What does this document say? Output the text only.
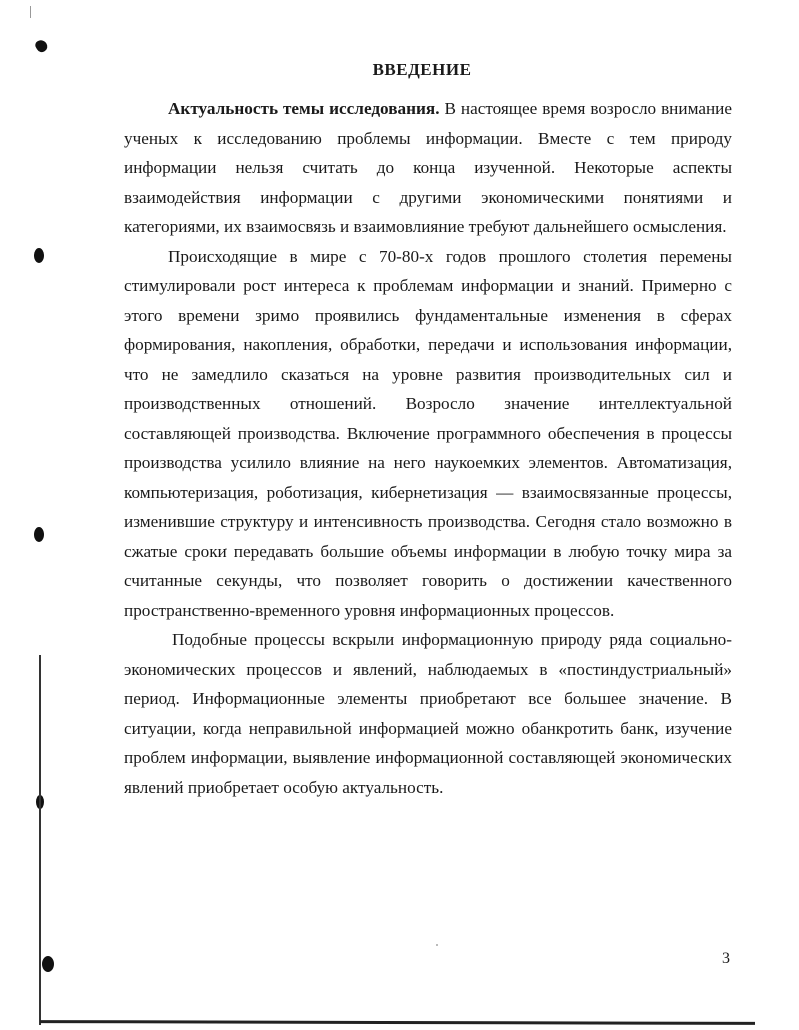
ВВЕДЕНИЕ

Актуальность темы исследования. В настоящее время возросло внимание ученых к исследованию проблемы информации. Вместе с тем природу информации нельзя считать до конца изученной. Некоторые аспекты взаимодействия информации с другими экономическими понятиями и категориями, их взаимосвязь и взаимовлияние требуют дальнейшего осмысления.

Происходящие в мире с 70-80-х годов прошлого столетия перемены стимулировали рост интереса к проблемам информации и знаний. Примерно с этого времени зримо проявились фундаментальные изменения в сферах формирования, накопления, обработки, передачи и использования информации, что не замедлило сказаться на уровне развития производительных сил и производственных отношений. Возросло значение интеллектуальной составляющей производства. Включение программного обеспечения в процессы производства усилило влияние на него наукоемких элементов. Автоматизация, компьютеризация, роботизация, кибернетизация — взаимосвязанные процессы, изменившие структуру и интенсивность производства. Сегодня стало возможно в сжатые сроки передавать большие объемы информации в любую точку мира за считанные секунды, что позволяет говорить о достижении качественного пространственно-временного уровня информационных процессов.

Подобные процессы вскрыли информационную природу ряда социально-экономических процессов и явлений, наблюдаемых в «постиндустриальный» период. Информационные элементы приобретают все большее значение. В ситуации, когда неправильной информацией можно обанкротить банк, изучение проблем информации, выявление информационной составляющей экономических явлений приобретает особую актуальность.

3
